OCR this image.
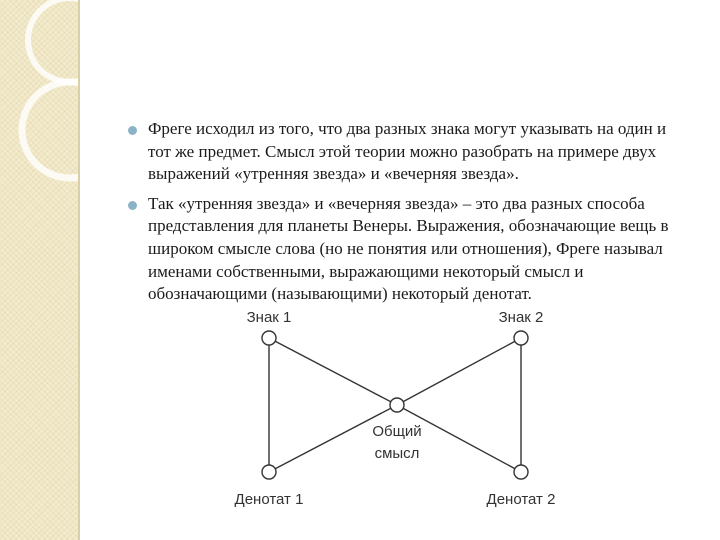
Фреге исходил из того, что два разных знака могут указывать на один и тот же предмет. Смысл этой теории можно разобрать на примере двух выражений «утренняя звезда» и «вечерняя звезда».
Так «утренняя звезда» и «вечерняя звезда» – это два разных способа представления для планеты Венеры. Выражения, обозначающие вещь в широком смысле слова (но не понятия или отношения), Фреге называл именами собственными, выражающими некоторый смысл и обозначающими (называющими) некоторый денотат.
Знак 1	Знак 2
Общий
смысл
Денотат 1	Денотат 2
